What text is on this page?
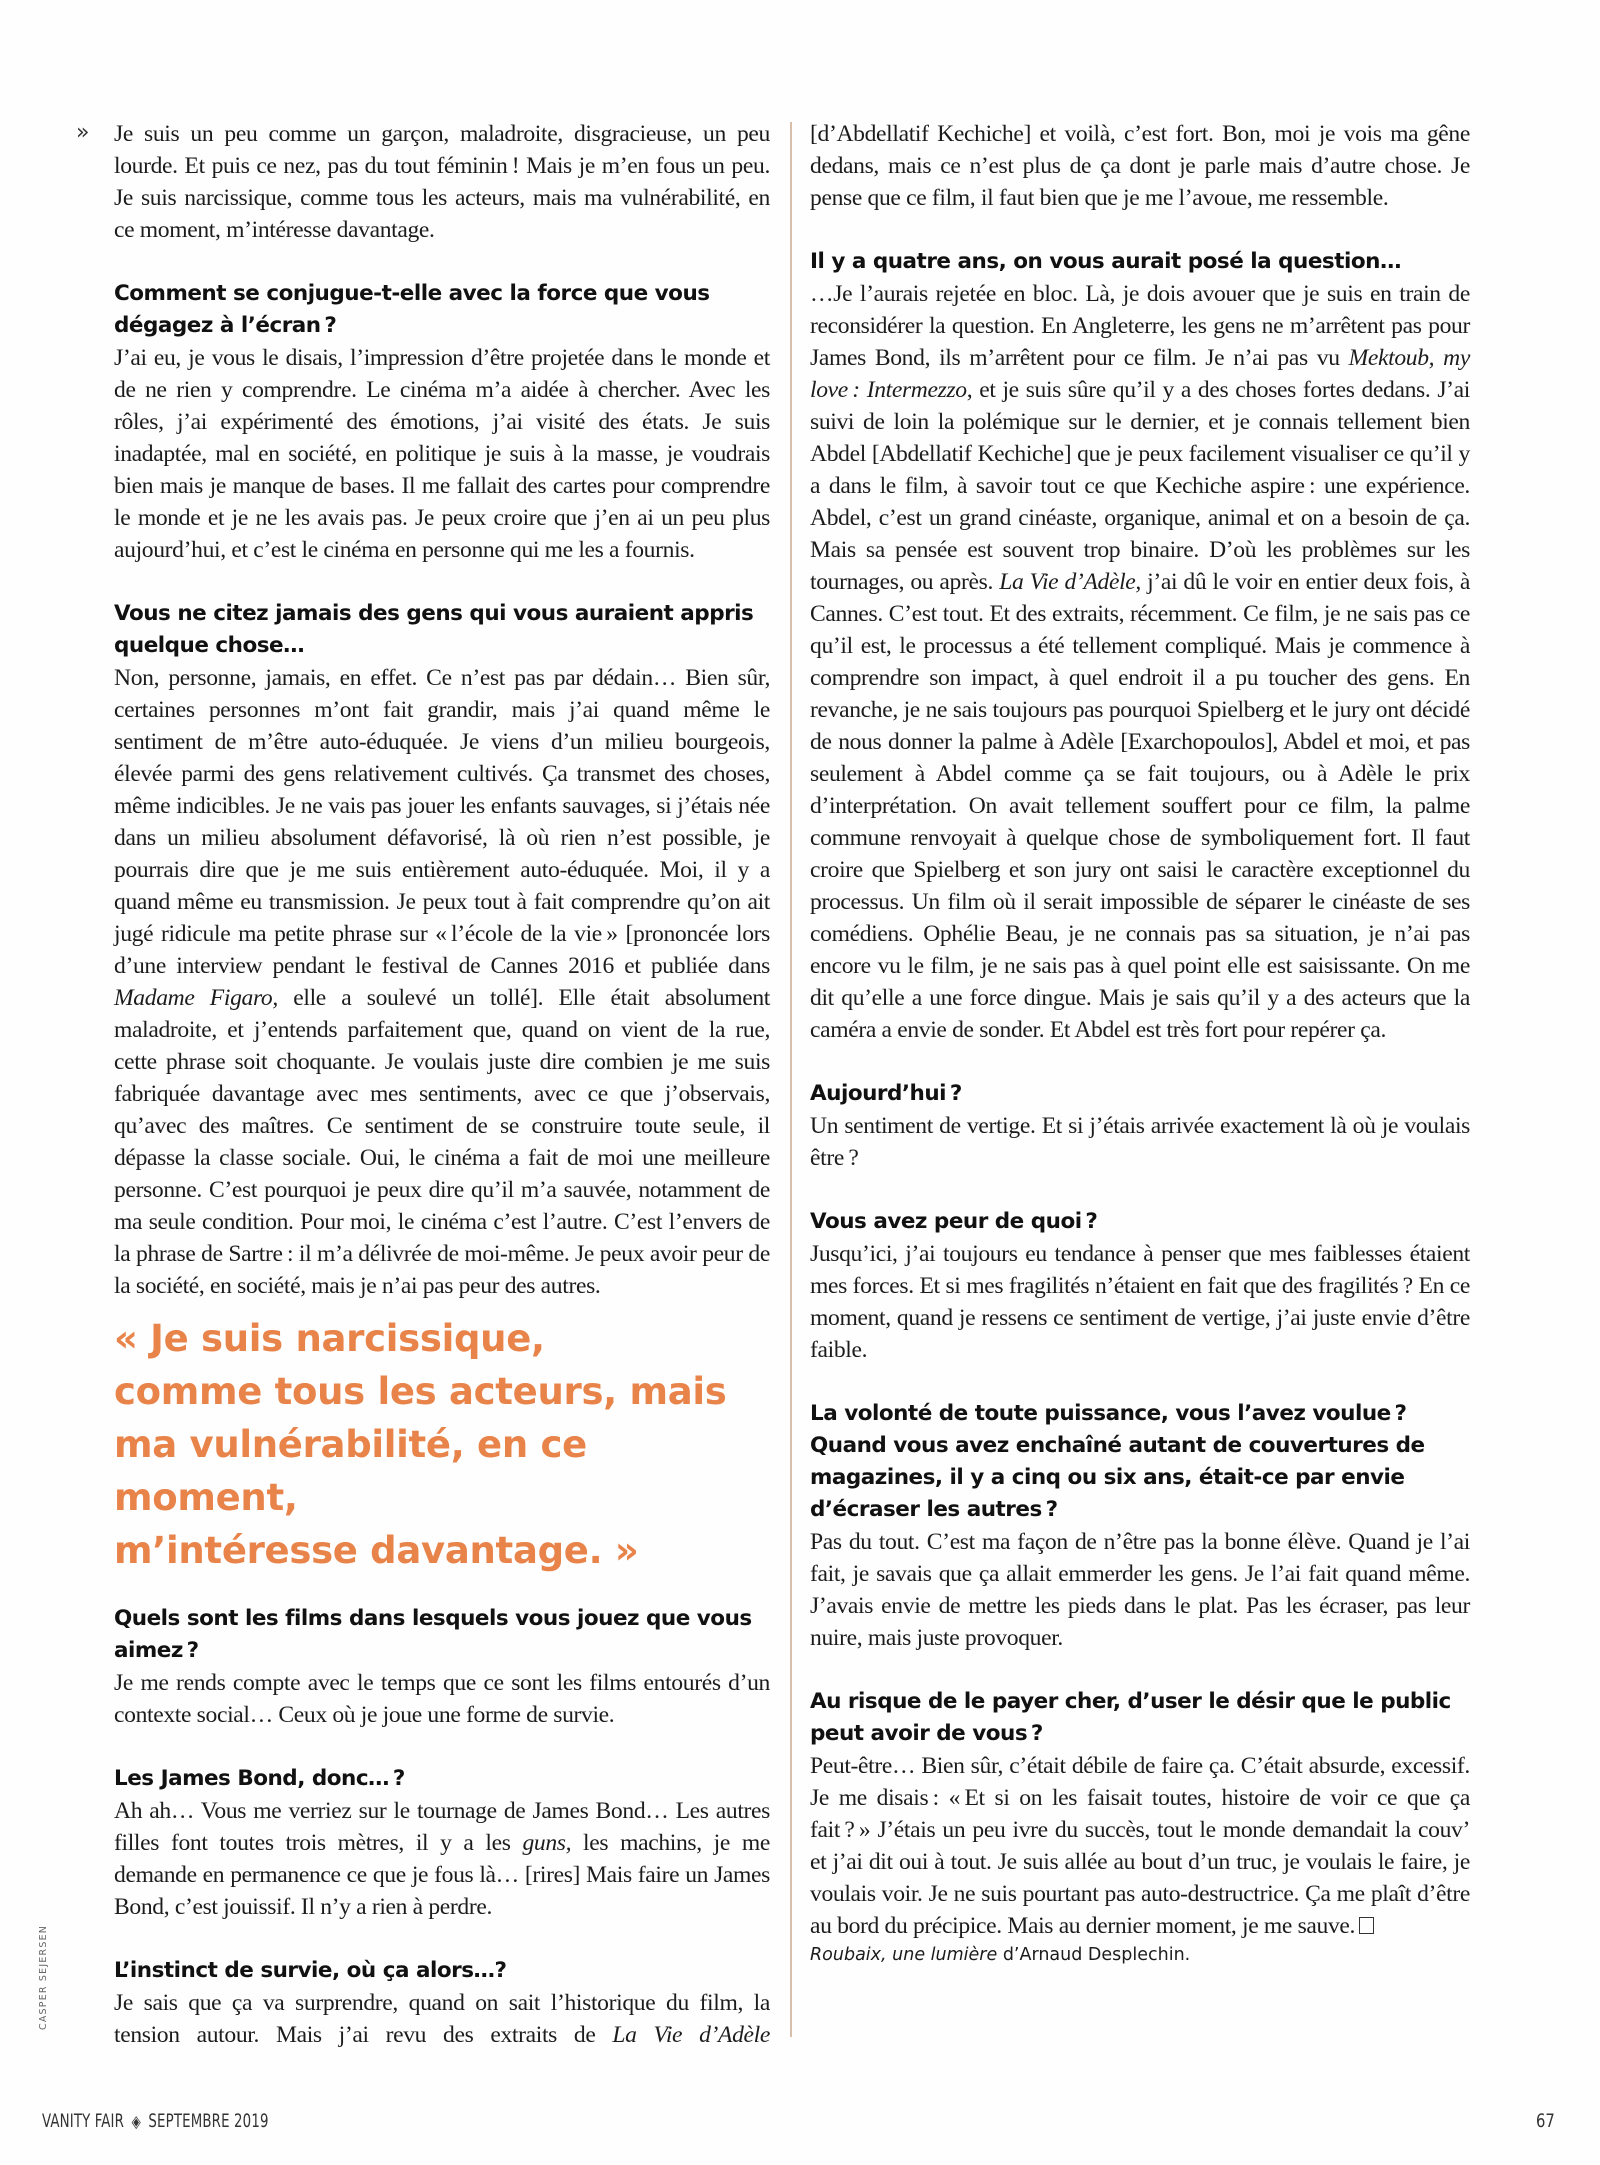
» Je suis un peu comme un garçon, maladroite, disgracieuse, un peu lourde. Et puis ce nez, pas du tout féminin ! Mais je m’en fous un peu. Je suis narcissique, comme tous les acteurs, mais ma vulnérabilité, en ce moment, m’intéresse davantage.

Comment se conjugue-t-elle avec la force que vous dégagez à l’écran ?

J’ai eu, je vous le disais, l’impression d’être projetée dans le monde et de ne rien y comprendre. Le cinéma m’a aidée à chercher. Avec les rôles, j’ai expérimenté des émotions, j’ai visité des états. Je suis inadaptée, mal en société, en politique je suis à la masse, je voudrais bien mais je manque de bases. Il me fallait des cartes pour comprendre le monde et je ne les avais pas. Je peux croire que j’en ai un peu plus aujourd’hui, et c’est le cinéma en personne qui me les a fournis.

Vous ne citez jamais des gens qui vous auraient appris quelque chose…

Non, personne, jamais, en effet. Ce n’est pas par dédain… Bien sûr, certaines personnes m’ont fait grandir, mais j’ai quand même le sentiment de m’être auto-éduquée. Je viens d’un milieu bourgeois, élevée parmi des gens relativement cultivés. Ça transmet des choses, même indicibles. Je ne vais pas jouer les enfants sauvages, si j’étais née dans un milieu absolument défavorisé, là où rien n’est possible, je pourrais dire que je me suis entièrement auto-éduquée. Moi, il y a quand même eu transmission. Je peux tout à fait comprendre qu’on ait jugé ridicule ma petite phrase sur « l’école de la vie » [prononcée lors d’une interview pendant le festival de Cannes 2016 et publiée dans Madame Figaro, elle a soulevé un tollé]. Elle était absolument maladroite, et j’entends parfaitement que, quand on vient de la rue, cette phrase soit choquante. Je voulais juste dire combien je me suis fabriquée davantage avec mes sentiments, avec ce que j’observais, qu’avec des maîtres. Ce sentiment de se construire toute seule, il dépasse la classe sociale. Oui, le cinéma a fait de moi une meilleure personne. C’est pourquoi je peux dire qu’il m’a sauvée, notamment de ma seule condition. Pour moi, le cinéma c’est l’autre. C’est l’envers de la phrase de Sartre : il m’a délivrée de moi-même. Je peux avoir peur de la société, en société, mais je n’ai pas peur des autres.

« Je suis narcissique,
comme tous les acteurs, mais
ma vulnérabilité, en ce moment,
m’intéresse davantage. »

Quels sont les films dans lesquels vous jouez que vous aimez ?

Je me rends compte avec le temps que ce sont les films entourés d’un contexte social… Ceux où je joue une forme de survie.

Les James Bond, donc… ?

Ah ah… Vous me verriez sur le tournage de James Bond… Les autres filles font toutes trois mètres, il y a les guns, les machins, je me demande en permanence ce que je fous là… [rires] Mais faire un James Bond, c’est jouissif. Il n’y a rien à perdre.

L’instinct de survie, où ça alors…?

Je sais que ça va surprendre, quand on sait l’historique du film, la tension autour. Mais j’ai revu des extraits de La Vie d’Adèle

[d’Abdellatif Kechiche] et voilà, c’est fort. Bon, moi je vois ma gêne dedans, mais ce n’est plus de ça dont je parle mais d’autre chose. Je pense que ce film, il faut bien que je me l’avoue, me ressemble.

Il y a quatre ans, on vous aurait posé la question…

…Je l’aurais rejetée en bloc. Là, je dois avouer que je suis en train de reconsidérer la question. En Angleterre, les gens ne m’arrêtent pas pour James Bond, ils m’arrêtent pour ce film. Je n’ai pas vu Mektoub, my love : Intermezzo, et je suis sûre qu’il y a des choses fortes dedans. J’ai suivi de loin la polémique sur le dernier, et je connais tellement bien Abdel [Abdellatif Kechiche] que je peux facilement visualiser ce qu’il y a dans le film, à savoir tout ce que Kechiche aspire : une expérience. Abdel, c’est un grand cinéaste, organique, animal et on a besoin de ça. Mais sa pensée est souvent trop binaire. D’où les problèmes sur les tournages, ou après. La Vie d’Adèle, j’ai dû le voir en entier deux fois, à Cannes. C’est tout. Et des extraits, récemment. Ce film, je ne sais pas ce qu’il est, le processus a été tellement compliqué. Mais je commence à comprendre son impact, à quel endroit il a pu toucher des gens. En revanche, je ne sais toujours pas pourquoi Spielberg et le jury ont décidé de nous donner la palme à Adèle [Exarchopoulos], Abdel et moi, et pas seulement à Abdel comme ça se fait toujours, ou à Adèle le prix d’interprétation. On avait tellement souffert pour ce film, la palme commune renvoyait à quelque chose de symboliquement fort. Il faut croire que Spielberg et son jury ont saisi le caractère exceptionnel du processus. Un film où il serait impossible de séparer le cinéaste de ses comédiens. Ophélie Beau, je ne connais pas sa situation, je n’ai pas encore vu le film, je ne sais pas à quel point elle est saisissante. On me dit qu’elle a une force dingue. Mais je sais qu’il y a des acteurs que la caméra a envie de sonder. Et Abdel est très fort pour repérer ça.

Aujourd’hui ?

Un sentiment de vertige. Et si j’étais arrivée exactement là où je voulais être ?

Vous avez peur de quoi ?

Jusqu’ici, j’ai toujours eu tendance à penser que mes faiblesses étaient mes forces. Et si mes fragilités n’étaient en fait que des fragilités ? En ce moment, quand je ressens ce sentiment de vertige, j’ai juste envie d’être faible.

La volonté de toute puissance, vous l’avez voulue ? Quand vous avez enchaîné autant de couvertures de magazines, il y a cinq ou six ans, était-ce par envie d’écraser les autres ?

Pas du tout. C’est ma façon de n’être pas la bonne élève. Quand je l’ai fait, je savais que ça allait emmerder les gens. Je l’ai fait quand même. J’avais envie de mettre les pieds dans le plat. Pas les écraser, pas leur nuire, mais juste provoquer.

Au risque de le payer cher, d’user le désir que le public peut avoir de vous ?

Peut-être… Bien sûr, c’était débile de faire ça. C’était absurde, excessif. Je me disais : « Et si on les faisait toutes, histoire de voir ce que ça fait ? » J’étais un peu ivre du succès, tout le monde demandait la couv’ et j’ai dit oui à tout. Je suis allée au bout d’un truc, je voulais le faire, je voulais voir. Je ne suis pourtant pas auto-destructrice. Ça me plaît d’être au bord du précipice. Mais au dernier moment, je me sauve.

Roubaix, une lumière d’Arnaud Desplechin.

CASPER SEJERSEN
VANITY FAIR ◈ SEPTEMBRE 2019	67
